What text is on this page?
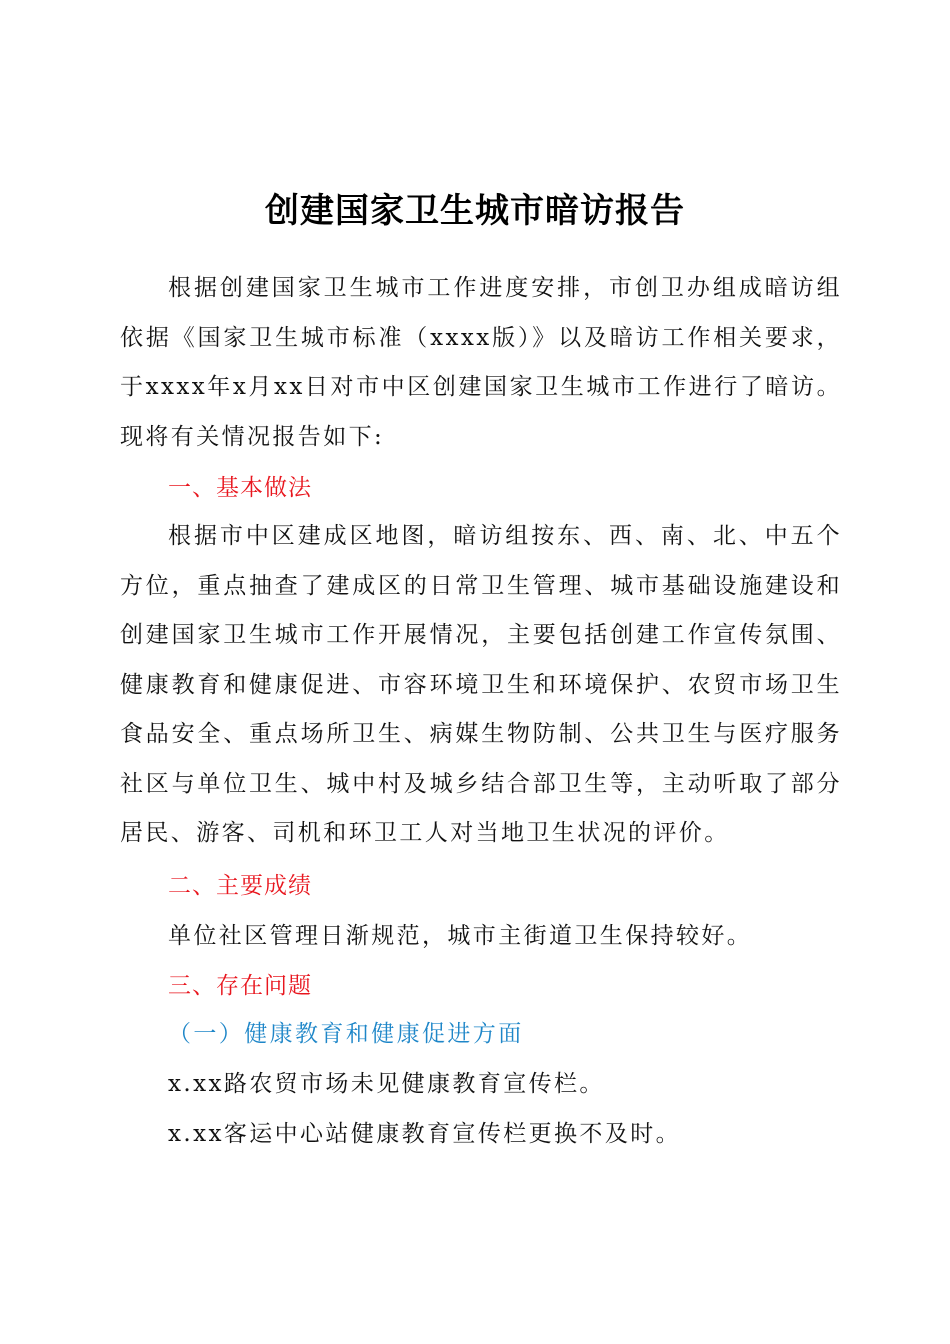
创建国家卫生城市暗访报告
根据创建国家卫生城市工作进度安排，市创卫办组成暗访组依据《国家卫生城市标准（xxxx版）》以及暗访工作相关要求，于xxxx年x月xx日对市中区创建国家卫生城市工作进行了暗访。现将有关情况报告如下:
一、基本做法
根据市中区建成区地图，暗访组按东、西、南、北、中五个方位，重点抽查了建成区的日常卫生管理、城市基础设施建设和创建国家卫生城市工作开展情况，主要包括创建工作宣传氛围、健康教育和健康促进、市容环境卫生和环境保护、农贸市场卫生食品安全、重点场所卫生、病媒生物防制、公共卫生与医疗服务社区与单位卫生、城中村及城乡结合部卫生等，主动听取了部分居民、游客、司机和环卫工人对当地卫生状况的评价。
二、主要成绩
单位社区管理日渐规范，城市主街道卫生保持较好。
三、存在问题
（一）健康教育和健康促进方面
x.xx路农贸市场未见健康教育宣传栏。
x.xx客运中心站健康教育宣传栏更换不及时。
